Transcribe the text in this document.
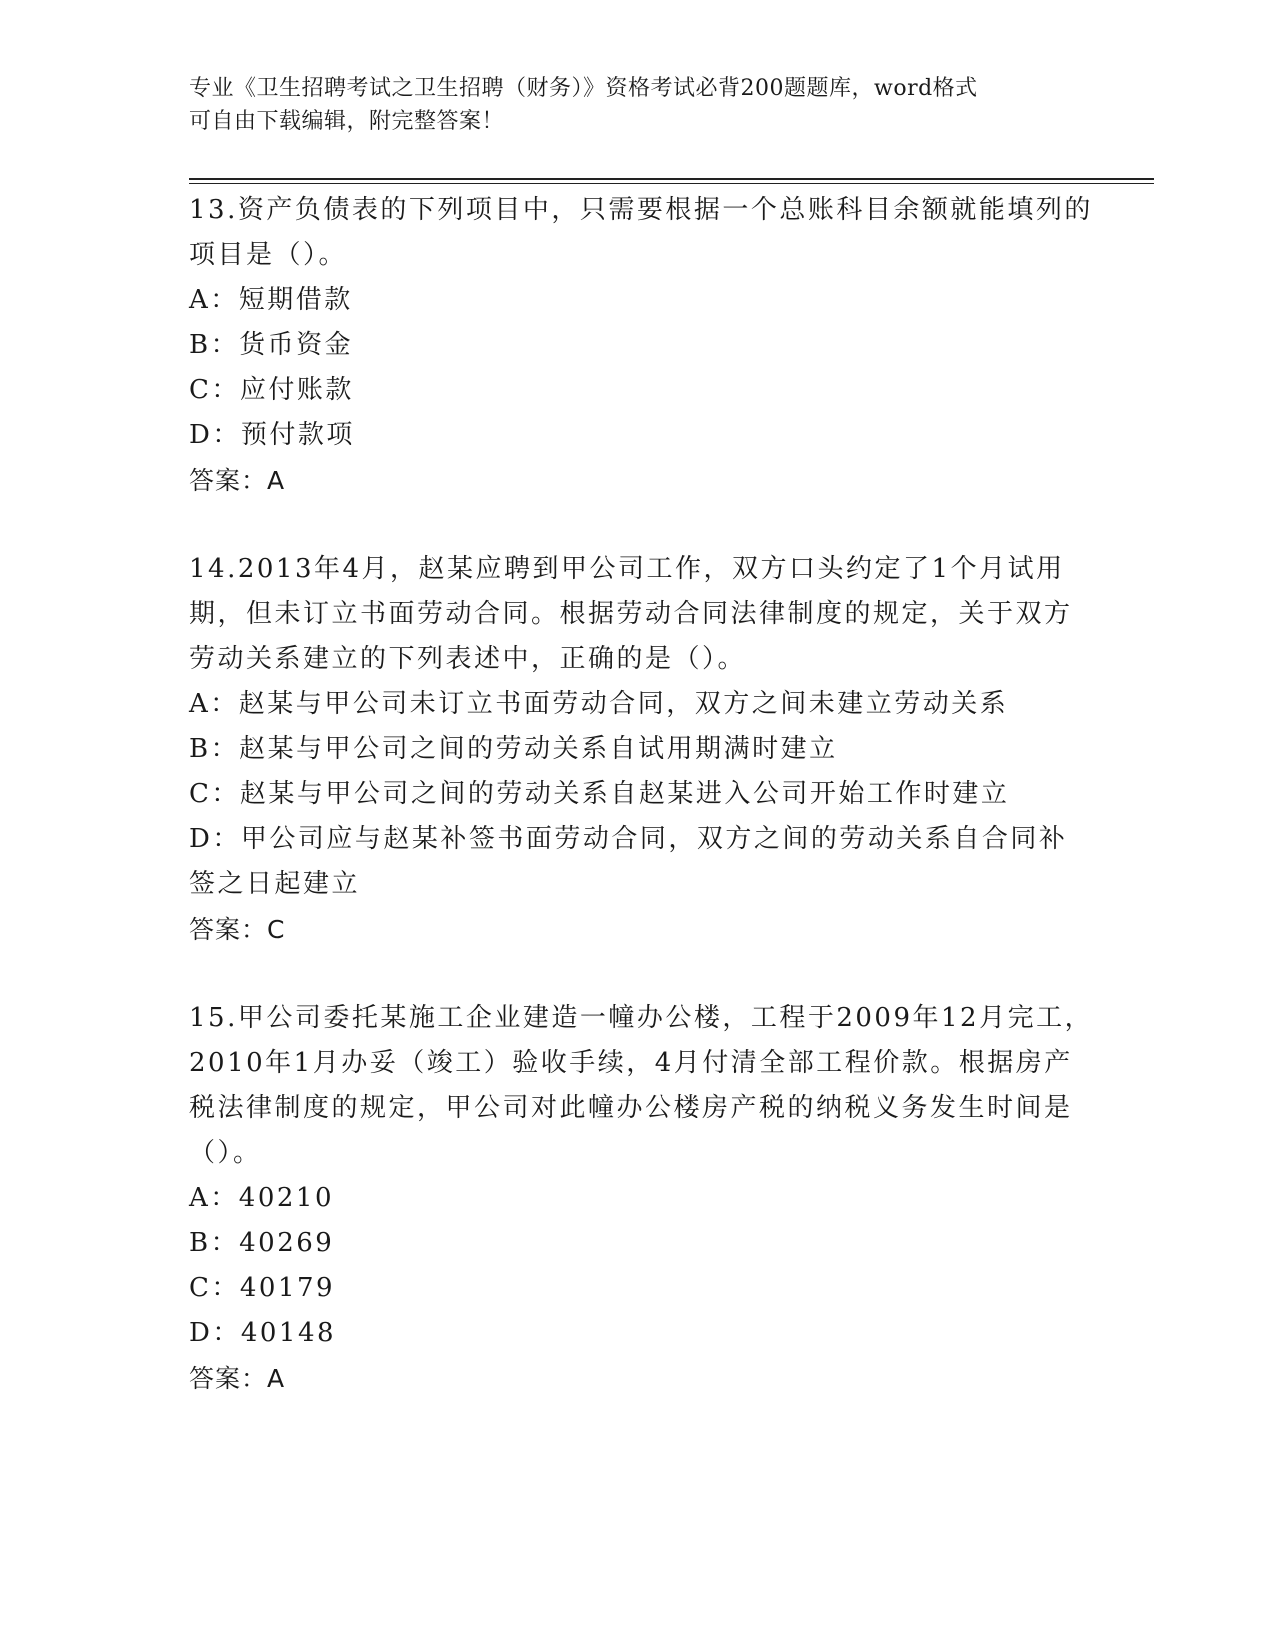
专业《卫生招聘考试之卫生招聘（财务）》资格考试必背200题题库，word格式
可自由下载编辑，附完整答案！

13.资产负债表的下列项目中，只需要根据一个总账科目余额就能填列的项目是（）。

A：短期借款

B：货币资金

C：应付账款

D：预付款项

答案：A

14.2013年4月，赵某应聘到甲公司工作，双方口头约定了1个月试用期，但未订立书面劳动合同。根据劳动合同法律制度的规定，关于双方劳动关系建立的下列表述中，正确的是（）。

A：赵某与甲公司未订立书面劳动合同，双方之间未建立劳动关系

B：赵某与甲公司之间的劳动关系自试用期满时建立

C：赵某与甲公司之间的劳动关系自赵某进入公司开始工作时建立

D：甲公司应与赵某补签书面劳动合同，双方之间的劳动关系自合同补签之日起建立

答案：C

15.甲公司委托某施工企业建造一幢办公楼，工程于2009年12月完工，2010年1月办妥（竣工）验收手续，4月付清全部工程价款。根据房产税法律制度的规定，甲公司对此幢办公楼房产税的纳税义务发生时间是（）。

A：40210

B：40269

C：40179

D：40148

答案：A
